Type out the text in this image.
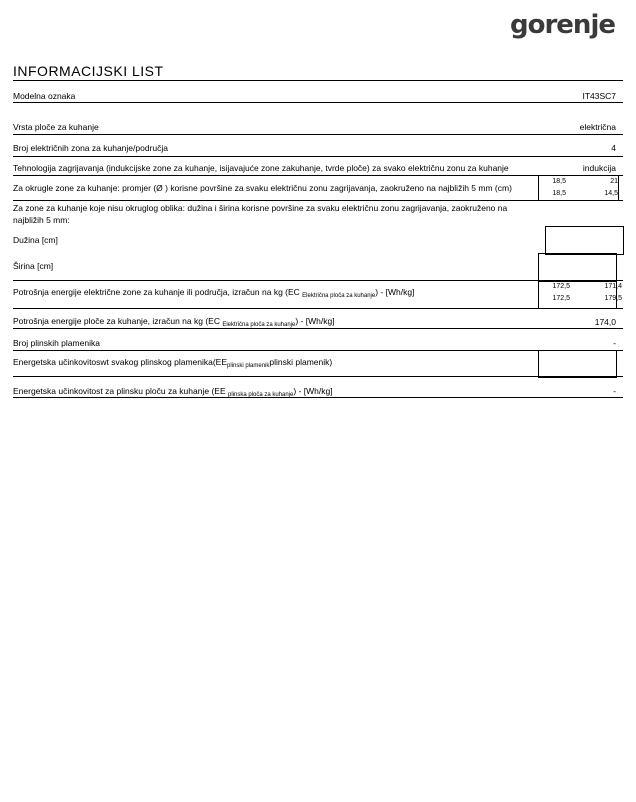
gorenje
INFORMACIJSKI LIST
Modelna oznaka	IT43SC7
Vrsta ploče za kuhanje	električna
Broj električnih zona za kuhanje/područja	4
Tehnologija zagrijavanja (indukcijske zone za kuhanje, isijavajuće zone zakuhanje, tvrde ploče) za svako električnu zonu za kuhanje	indukcija
Za okrugle zone za kuhanje: promjer (Ø ) korisne površine za svaku električnu zonu zagrijavanja, zaokruženo na najbližih 5 mm (cm)
18,5	21
18,5	14,5
Za zone za kuhanje koje nisu okruglog oblika: dužina i širina korisne površine za svaku električnu zonu zagrijavanja, zaokruženo na najbližih 5 mm:
Dužina [cm]
Širina [cm]
Potrošnja energije električne zone za kuhanje ili područja, izračun na kg (EC $_{Električna ploča za kuhanje}$) - [Wh/kg]
172,5	171,4
172,5	179,5
Potrošnja energije ploče za kuhanje, izračun na kg (EC $_{Električna ploča za kuhanje}$) - [Wh/kg]	174,0
Broj plinskih plamenika	-
Energetska učinkovitoswt svakog plinskog $plamenika(EE_{plinski plamenik}plinski$ plamenik)
Energetska učinkovitost za plinsku ploču za kuhanje (EE $_{plinska ploča za kuhanje}$) - [Wh/kg]	-
